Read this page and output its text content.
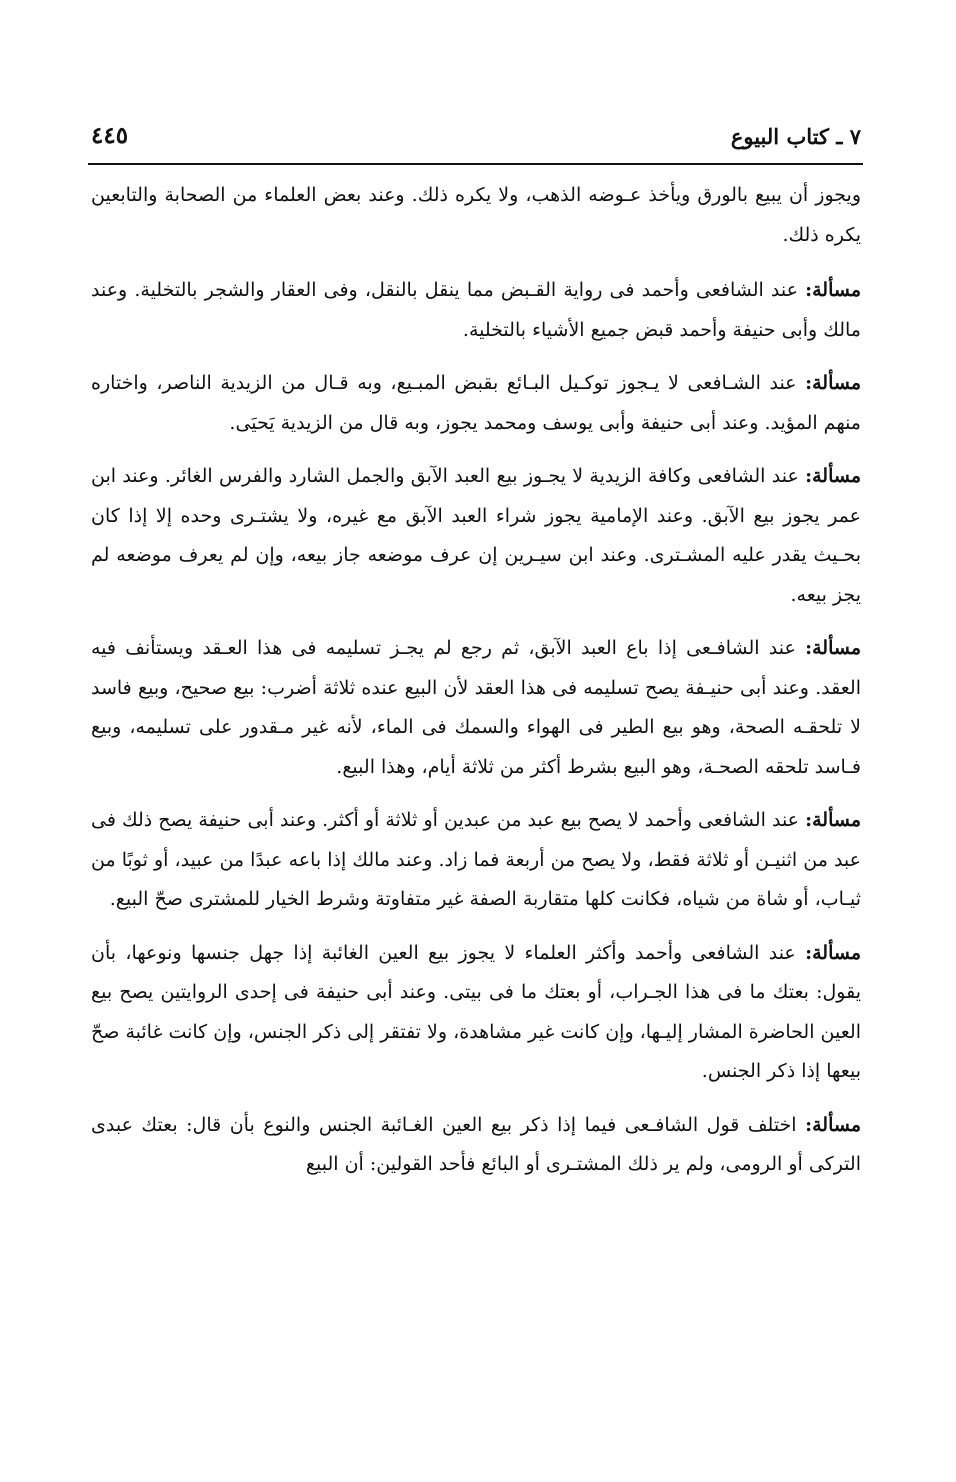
٧ ـ كتاب البيوع
٤٤٥

ويجوز أن يبيع بالورق ويأخذ عـوضه الذهب، ولا يكره ذلك. وعند بعض العلماء من الصحابة والتابعين يكره ذلك.

مسألة: عند الشافعى وأحمد فى رواية القـبض مما ينقل بالنقل، وفى العقار والشجر بالتخلية. وعند مالك وأبى حنيفة وأحمد قبض جميع الأشياء بالتخلية.

مسألة: عند الشـافعى لا يـجوز توكـيل البـائع بقبض المبـيع، وبه قـال من الزيدية الناصر، واختاره منهم المؤيد. وعند أبى حنيفة وأبى يوسف ومحمد يجوز، وبه قال من الزيدية يَحيَى.

مسألة: عند الشافعى وكافة الزيدية لا يجـوز بيع العبد الآبق والجمل الشارد والفرس الغائر. وعند ابن عمر يجوز بيع الآبق. وعند الإمامية يجوز شراء العبد الآبق مع غيره، ولا يشتـرى وحده إلا إذا كان بحـيث يقدر عليه المشـترى. وعند ابن سيـرين إن عرف موضعه جاز بيعه، وإن لم يعرف موضعه لم يجز بيعه.

مسألة: عند الشافـعى إذا باع العبد الآبق، ثم رجع لم يجـز تسليمه فى هذا العـقد ويستأنف فيه العقد. وعند أبى حنيـفة يصح تسليمه فى هذا العقد لأن البيع عنده ثلاثة أضرب: بيع صحيح، وبيع فاسد لا تلحقـه الصحة، وهو بيع الطير فى الهواء والسمك فى الماء، لأنه غير مـقدور على تسليمه، وبيع فـاسد تلحقه الصحـة، وهو البيع بشرط أكثر من ثلاثة أيام، وهذا البيع.

مسألة: عند الشافعى وأحمد لا يصح بيع عبد من عبدين أو ثلاثة أو أكثر. وعند أبى حنيفة يصح ذلك فى عبد من اثنيـن أو ثلاثة فقط، ولا يصح من أربعة فما زاد. وعند مالك إذا باعه عبدًا من عبيد، أو ثوبًا من ثيـاب، أو شاة من شياه، فكانت كلها متقاربة الصفة غير متفاوتة وشرط الخيار للمشترى صحّ البيع.

مسألة: عند الشافعى وأحمد وأكثر العلماء لا يجوز بيع العين الغائبة إذا جهل جنسها ونوعها، بأن يقول: بعتك ما فى هذا الجـراب، أو بعتك ما فى بيتى. وعند أبى حنيفة فى إحدى الروايتين يصح بيع العين الحاضرة المشار إليـها، وإن كانت غير مشاهدة، ولا تفتقر إلى ذكر الجنس، وإن كانت غائبة صحّ بيعها إذا ذكر الجنس.

مسألة: اختلف قول الشافـعى فيما إذا ذكر بيع العين الغـائبة الجنس والنوع بأن قال: بعتك عبدى التركى أو الرومى، ولم ير ذلك المشتـرى أو البائع فأحد القولين: أن البيع
